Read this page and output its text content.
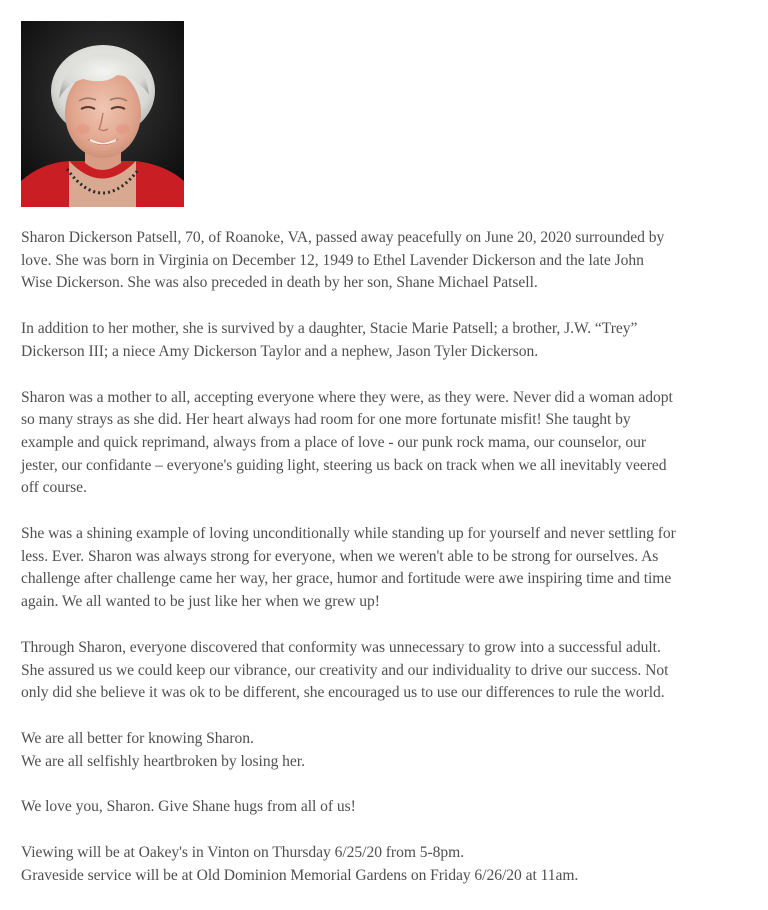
Sharon Dickerson Patsell, 70, of Roanoke, VA, passed away peacefully on June 20, 2020 surrounded by
love. She was born in Virginia on December 12, 1949 to Ethel Lavender Dickerson and the late John
Wise Dickerson. She was also preceded in death by her son, Shane Michael Patsell.

In addition to her mother, she is survived by a daughter, Stacie Marie Patsell; a brother, J.W. “Trey”
Dickerson III; a niece Amy Dickerson Taylor and a nephew, Jason Tyler Dickerson.

Sharon was a mother to all, accepting everyone where they were, as they were. Never did a woman adopt
so many strays as she did. Her heart always had room for one more fortunate misfit! She taught by
example and quick reprimand, always from a place of love - our punk rock mama, our counselor, our
jester, our confidante – everyone's guiding light, steering us back on track when we all inevitably veered
off course.

She was a shining example of loving unconditionally while standing up for yourself and never settling for
less. Ever. Sharon was always strong for everyone, when we weren't able to be strong for ourselves. As
challenge after challenge came her way, her grace, humor and fortitude were awe inspiring time and time
again. We all wanted to be just like her when we grew up!

Through Sharon, everyone discovered that conformity was unnecessary to grow into a successful adult.
She assured us we could keep our vibrance, our creativity and our individuality to drive our success. Not
only did she believe it was ok to be different, she encouraged us to use our differences to rule the world.

We are all better for knowing Sharon.
We are all selfishly heartbroken by losing her.

We love you, Sharon. Give Shane hugs from all of us!

Viewing will be at Oakey's in Vinton on Thursday 6/25/20 from 5-8pm.
Graveside service will be at Old Dominion Memorial Gardens on Friday 6/26/20 at 11am.
